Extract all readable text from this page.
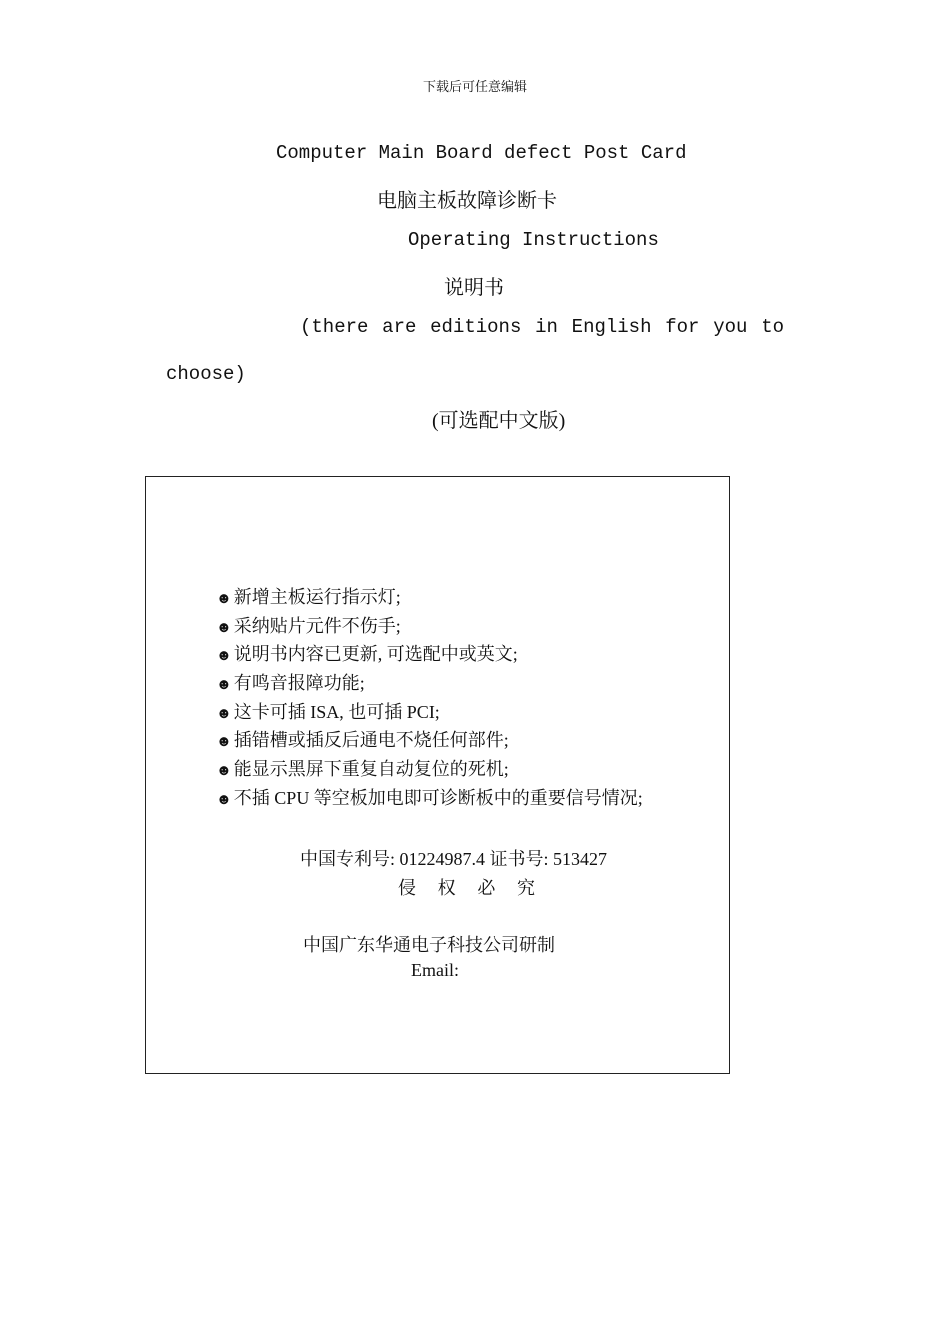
下载后可任意编辑
Computer Main Board defect Post Card
电脑主板故障诊断卡
Operating Instructions
说明书
(there are editions in English for you to
choose)
(可选配中文版)
☻ 新增主板运行指示灯;
☻ 采纳贴片元件不伤手;
☻ 说明书内容已更新, 可选配中或英文;
☻ 有鸣音报障功能;
☻ 这卡可插 ISA, 也可插 PCI;
☻ 插错槽或插反后通电不烧任何部件;
☻ 能显示黑屏下重复自动复位的死机;
☻ 不插 CPU 等空板加电即可诊断板中的重要信号情况;
中国专利号: 01224987.4 证书号: 513427
侵 权 必 究
中国广东华通电子科技公司研制
Email:
